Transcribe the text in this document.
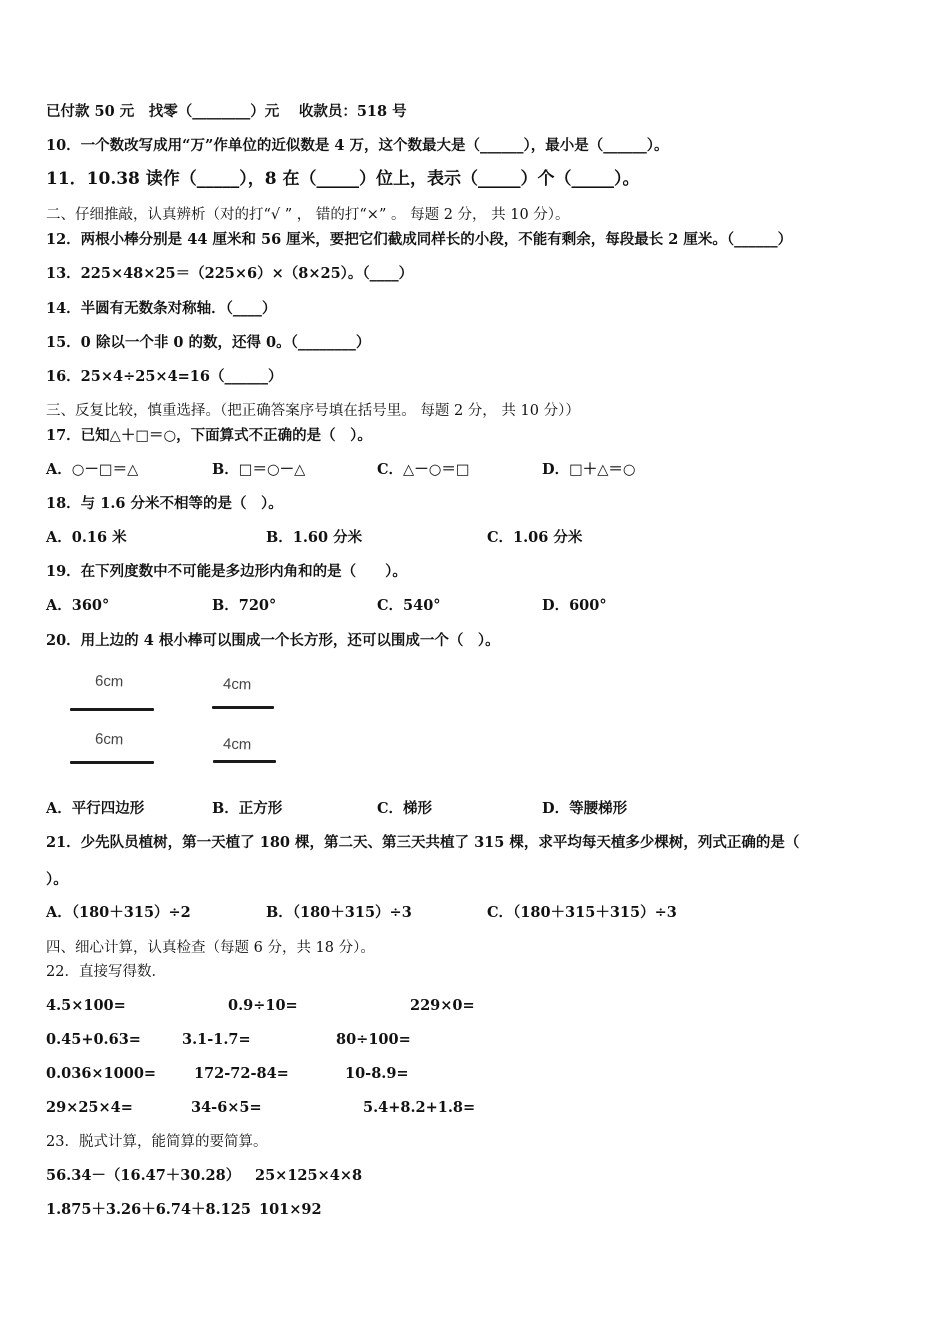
已付款 50 元　找零（________）元　 收款员：518 号
10．一个数改写成用“万”作单位的近似数是 4 万，这个数最大是（______），最小是（______）。
11．10.38 读作（_____），8 在（_____）位上，表示（_____）个（_____）。
二、仔细推敲，认真辨析（对的打“√ ” ， 错的打“×” 。 每题 2 分， 共 10 分）。
12．两根小棒分别是 44 厘米和 56 厘米，要把它们截成同样长的小段，不能有剩余，每段最长 2 厘米。（______）
13．225×48×25＝（225×6）×（8×25）。（____）
14．半圆有无数条对称轴．（____）
15．0 除以一个非 0 的数，还得 0。（________）
16．25×4÷25×4=16（______）
三、反复比较，慎重选择。（把正确答案序号填在括号里。 每题 2 分， 共 10 分））
17．已知△＋□＝○，下面算式不正确的是（　）。
A．○－□＝△	B．□＝○－△	C．△－○＝□	D．□＋△＝○
18．与 1.6 分米不相等的是（　）。
A．0.16 米	B．1.60 分米	C．1.06 分米
19．在下列度数中不可能是多边形内角和的是（　　）。
A．360°	B．720°	C．540°	D．600°
20．用上边的 4 根小棒可以围成一个长方形，还可以围成一个（　）。
6cm	4cm
6cm	4cm
A．平行四边形	B．正方形	C．梯形	D．等腰梯形
21．少先队员植树，第一天植了 180 棵，第二天、第三天共植了 315 棵，求平均每天植多少棵树，列式正确的是（
）。
A．（180＋315）÷2	B．（180＋315）÷3	C．（180＋315＋315）÷3
四、细心计算，认真检查（每题 6 分，共 18 分）。
22．直接写得数．
4.5×100=	0.9÷10=	229×0=
0.45+0.63=	3.1-1.7=	80÷100=
0.036×1000=	172-72-84=	10-8.9=
29×25×4=	34-6×5=	5.4+8.2+1.8=
23．脱式计算，能简算的要简算。
56.34－（16.47＋30.28） 25×125×4×8
1.875＋3.26＋6.74＋8.125 101×92
